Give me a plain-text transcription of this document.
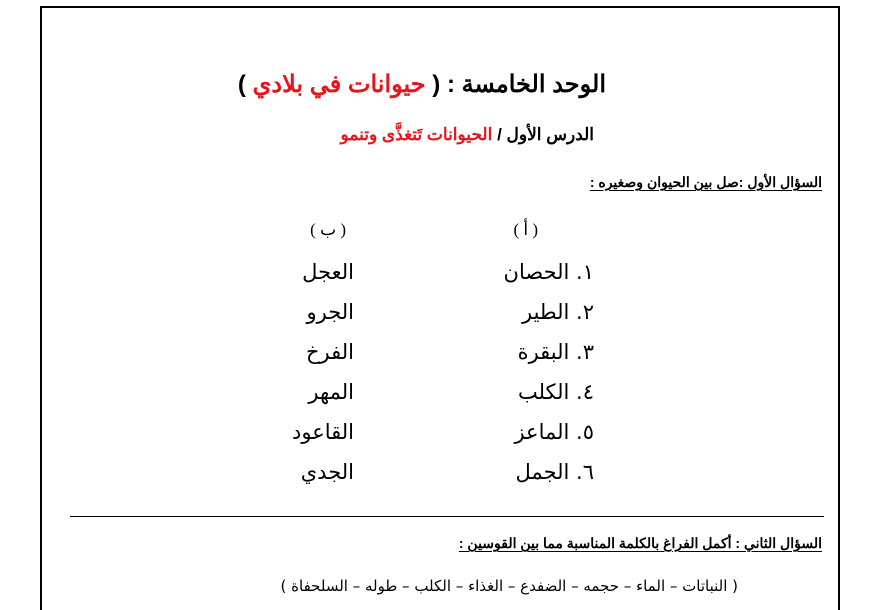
الوحد الخامسة : ( حيوانات في بلادي )
الدرس الأول / الحيوانات تَتغذَّى وتنمو
السؤال الأول :صل بين الحيوان وصغيره :
( أ )
( ب )
١. الحصان
٢. الطير
٣. البقرة
٤. الكلب
٥. الماعز
٦. الجمل
العجل
الجرو
الفرخ
المهر
القاعود
الجدي
السؤال الثاني : أكمل الفراغ بالكلمة المناسبة مما بين القوسين :
( النباتات – الماء – حجمه – الضفدع – الغذاء – الكلب – طوله – السلحفاة )
